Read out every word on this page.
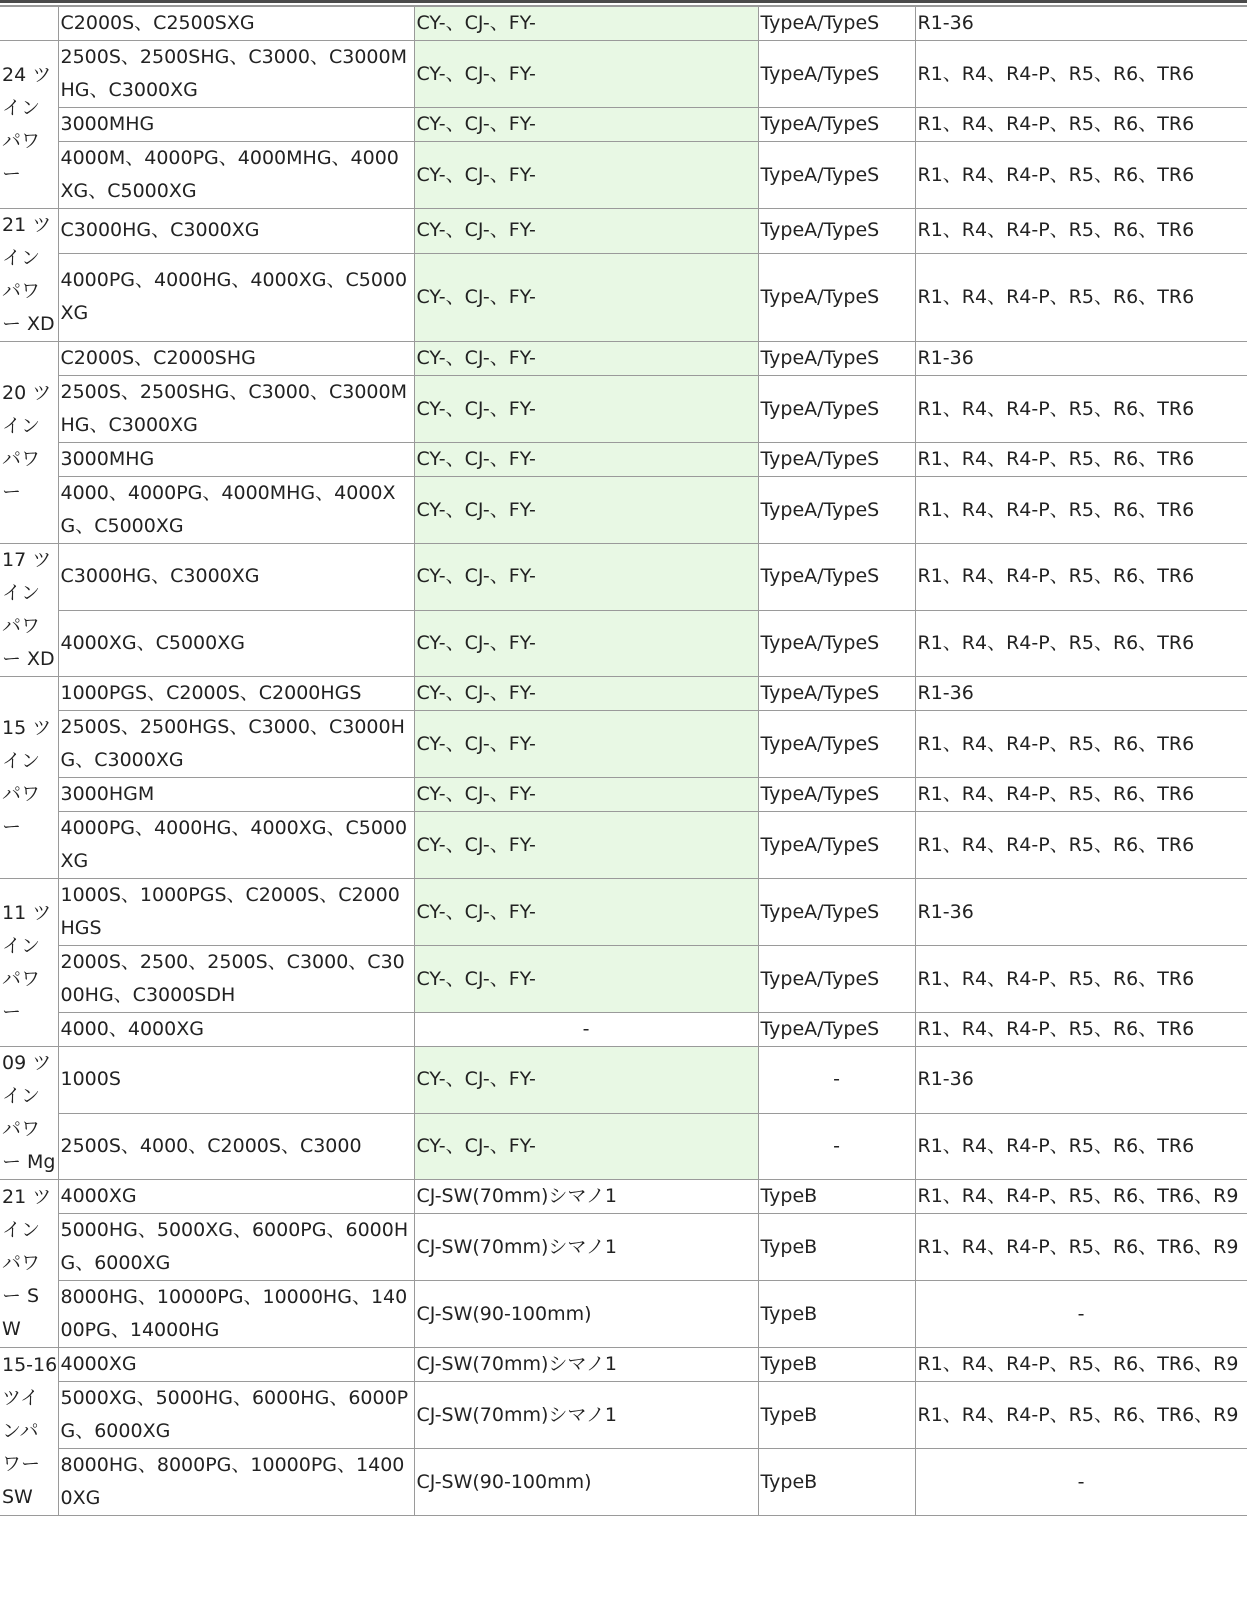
	C2000S、C2500SXG	CY-、CJ-、FY-	TypeA/TypeS	R1-36
24 ツインパワー	2500S、2500SHG、C3000、C3000MHG、C3000XG	CY-、CJ-、FY-	TypeA/TypeS	R1、R4、R4-P、R5、R6、TR6
	3000MHG	CY-、CJ-、FY-	TypeA/TypeS	R1、R4、R4-P、R5、R6、TR6
	4000M、4000PG、4000MHG、4000XG、C5000XG	CY-、CJ-、FY-	TypeA/TypeS	R1、R4、R4-P、R5、R6、TR6
21 ツインパワー XD	C3000HG、C3000XG	CY-、CJ-、FY-	TypeA/TypeS	R1、R4、R4-P、R5、R6、TR6
	4000PG、4000HG、4000XG、C5000XG	CY-、CJ-、FY-	TypeA/TypeS	R1、R4、R4-P、R5、R6、TR6
20 ツインパワー	C2000S、C2000SHG	CY-、CJ-、FY-	TypeA/TypeS	R1-36
	2500S、2500SHG、C3000、C3000MHG、C3000XG	CY-、CJ-、FY-	TypeA/TypeS	R1、R4、R4-P、R5、R6、TR6
	3000MHG	CY-、CJ-、FY-	TypeA/TypeS	R1、R4、R4-P、R5、R6、TR6
	4000、4000PG、4000MHG、4000XG、C5000XG	CY-、CJ-、FY-	TypeA/TypeS	R1、R4、R4-P、R5、R6、TR6
17 ツインパワー XD	C3000HG、C3000XG	CY-、CJ-、FY-	TypeA/TypeS	R1、R4、R4-P、R5、R6、TR6
	4000XG、C5000XG	CY-、CJ-、FY-	TypeA/TypeS	R1、R4、R4-P、R5、R6、TR6
15 ツインパワー	1000PGS、C2000S、C2000HGS	CY-、CJ-、FY-	TypeA/TypeS	R1-36
	2500S、2500HGS、C3000、C3000HG、C3000XG	CY-、CJ-、FY-	TypeA/TypeS	R1、R4、R4-P、R5、R6、TR6
	3000HGM	CY-、CJ-、FY-	TypeA/TypeS	R1、R4、R4-P、R5、R6、TR6
	4000PG、4000HG、4000XG、C5000XG	CY-、CJ-、FY-	TypeA/TypeS	R1、R4、R4-P、R5、R6、TR6
11 ツインパワー	1000S、1000PGS、C2000S、C2000HGS	CY-、CJ-、FY-	TypeA/TypeS	R1-36
	2000S、2500、2500S、C3000、C3000HG、C3000SDH	CY-、CJ-、FY-	TypeA/TypeS	R1、R4、R4-P、R5、R6、TR6
	4000、4000XG	-	TypeA/TypeS	R1、R4、R4-P、R5、R6、TR6
09 ツインパワー Mg	1000S	CY-、CJ-、FY-	-	R1-36
	2500S、4000、C2000S、C3000	CY-、CJ-、FY-	-	R1、R4、R4-P、R5、R6、TR6
21 ツインパワー SW	4000XG	CJ-SW(70mm)シマノ1	TypeB	R1、R4、R4-P、R5、R6、TR6、R9
	5000HG、5000XG、6000PG、6000HG、6000XG	CJ-SW(70mm)シマノ1	TypeB	R1、R4、R4-P、R5、R6、TR6、R9
	8000HG、10000PG、10000HG、14000PG、14000HG	CJ-SW(90-100mm)	TypeB	-
15-16 ツインパワー SW	4000XG	CJ-SW(70mm)シマノ1	TypeB	R1、R4、R4-P、R5、R6、TR6、R9
	5000XG、5000HG、6000HG、6000PG、6000XG	CJ-SW(70mm)シマノ1	TypeB	R1、R4、R4-P、R5、R6、TR6、R9
	8000HG、8000PG、10000PG、14000XG	CJ-SW(90-100mm)	TypeB	-
